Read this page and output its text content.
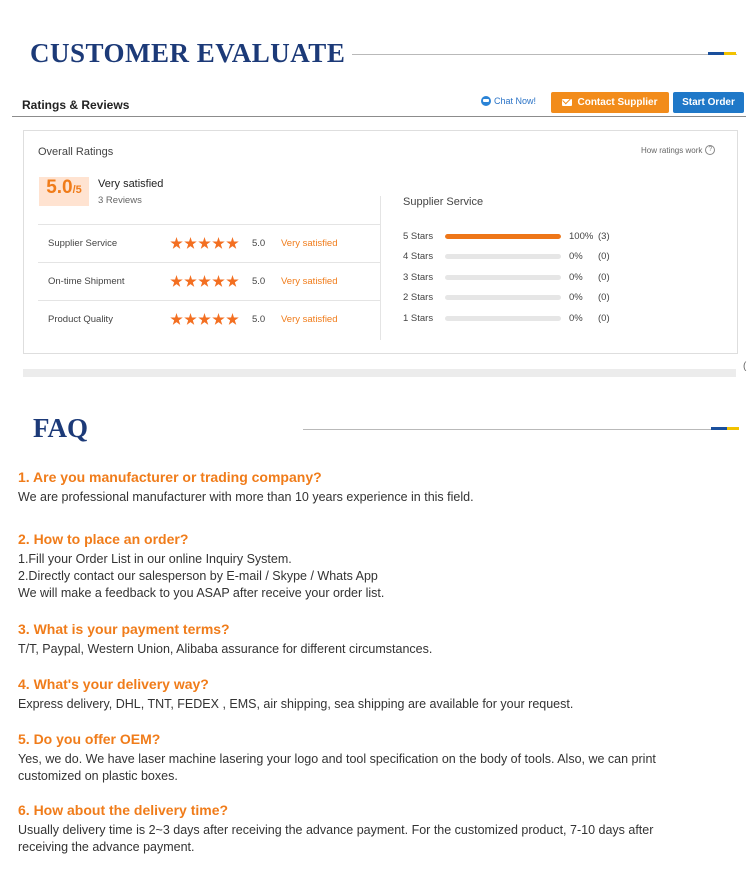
CUSTOMER EVALUATE
Ratings & Reviews	Chat Now!	Contact Supplier Start Order
Overall Ratings	How ratings work ?
5.0 /5 Very satisfied
3 Reviews
Supplier Service	5.0 Very satisfied
On-time Shipment	5.0 Very satisfied
Product Quality	5.0 Very satisfied
Supplier Service
5 Stars	100% (3)
4 Stars	0% (0)
3 Stars	0% (0)
2 Stars	0% (0)
1 Stars	0% (0)
(
FAQ
1. Are you manufacturer or trading company?
We are professional manufacturer with more than 10 years experience in this field.
2. How to place an order?
1.Fill your Order List in our online Inquiry System.
2.Directly contact our salesperson by E-mail / Skype / Whats App
We will make a feedback to you ASAP after receive your order list.
3. What is your payment terms?
T/T, Paypal, Western Union, Alibaba assurance for different circumstances.
4. What's your delivery way?
Express delivery, DHL, TNT, FEDEX , EMS, air shipping, sea shipping are available for your request.
5. Do you offer OEM?
Yes, we do. We have laser machine lasering your logo and tool specification on the body of tools. Also, we can print
customized on plastic boxes.
6. How about the delivery time?
Usually delivery time is 2~3 days after receiving the advance payment. For the customized product, 7-10 days after
receiving the advance payment.
